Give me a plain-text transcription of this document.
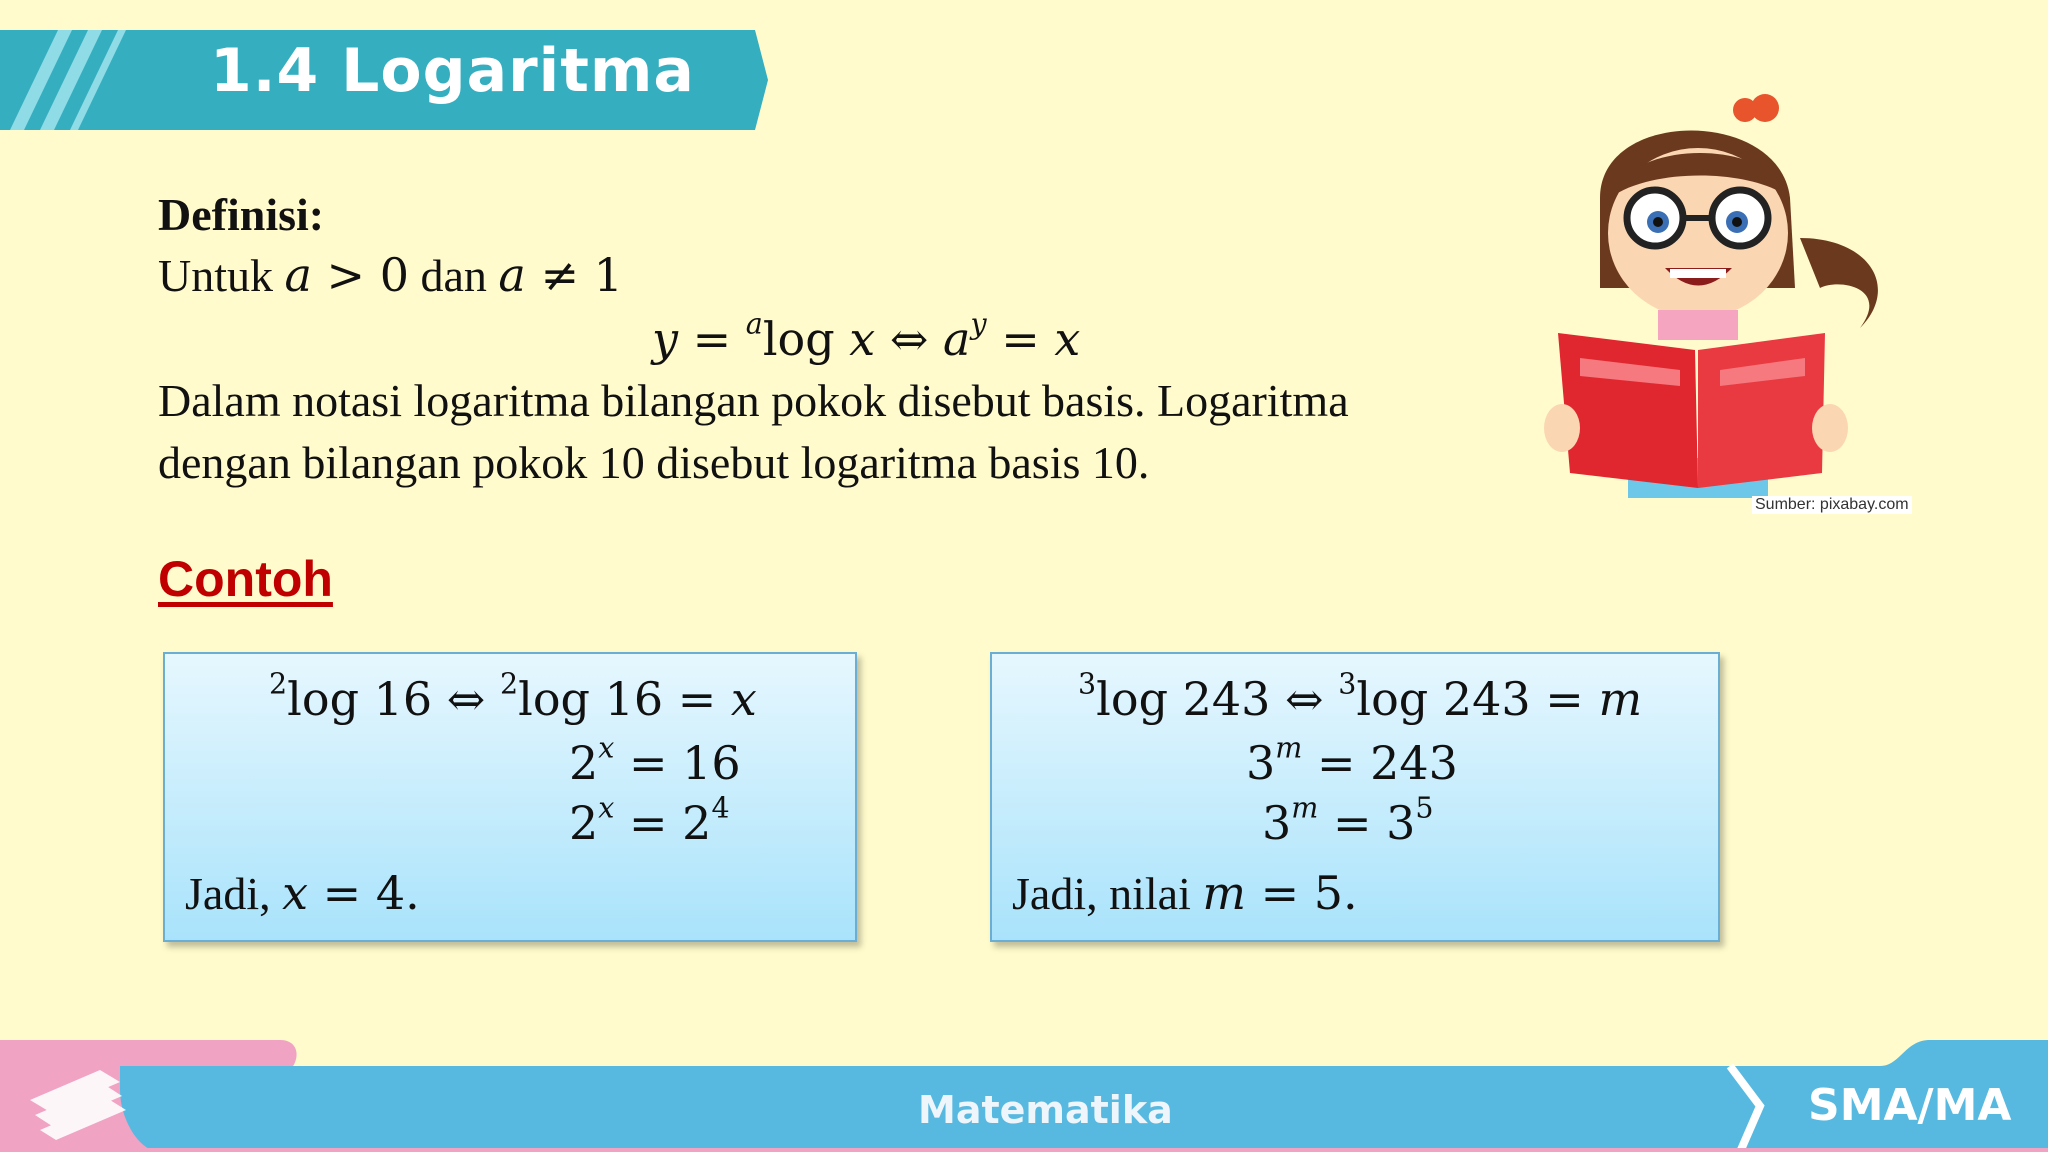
1.4 Logaritma
Definisi:
Untuk a > 0 dan a ≠ 1
y = $^a$log x ⇔ $a^y = x$
Dalam notasi logaritma bilangan pokok disebut basis. Logaritma
dengan bilangan pokok 10 disebut logaritma basis 10.
Sumber: pixabay.com
Contoh
$^2$log 16 ⇔ $^2$log 16 = x
$2^x = 16$
$2^x = 2^4$
Jadi, x = 4.
$^3$log 243 ⇔ $^3$log 243 = m
$3^m = 243$
$3^m = 3^5$
Jadi, nilai m = 5.
Matematika	SMA/MA
